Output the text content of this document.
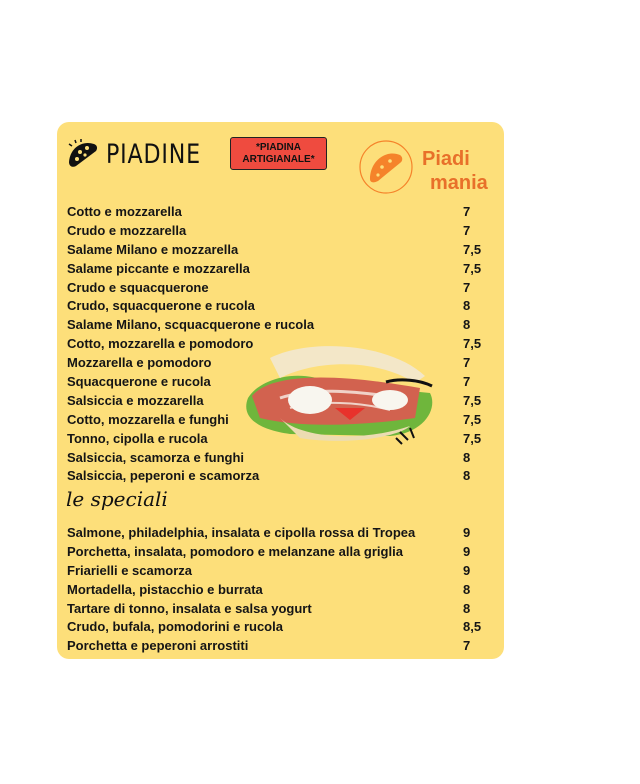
PIADINE	*PIADINA ARTIGIANALE*	Piadi
mania
Cotto e mozzarella	7
Crudo e mozzarella	7
Salame Milano e mozzarella	7,5
Salame piccante e mozzarella	7,5
Crudo e squacquerone	7
Crudo, squacquerone e rucola	8
Salame Milano, scquacquerone e rucola	8
Cotto, mozzarella e pomodoro	7,5
Mozzarella e pomodoro	7
Squacquerone e rucola	7
Salsiccia e mozzarella	7,5
Cotto, mozzarella e funghi	7,5
Tonno, cipolla e rucola	7,5
Salsiccia, scamorza e funghi	8
Salsiccia, peperoni e scamorza	8
le speciali
Salmone, philadelphia, insalata e cipolla rossa di Tropea	9
Porchetta, insalata, pomodoro e melanzane alla griglia	9
Friarielli e scamorza	9
Mortadella, pistacchio e burrata	8
Tartare di tonno, insalata e salsa yogurt	8
Crudo, bufala, pomodorini e rucola	8,5
Porchetta e peperoni arrostiti	7
